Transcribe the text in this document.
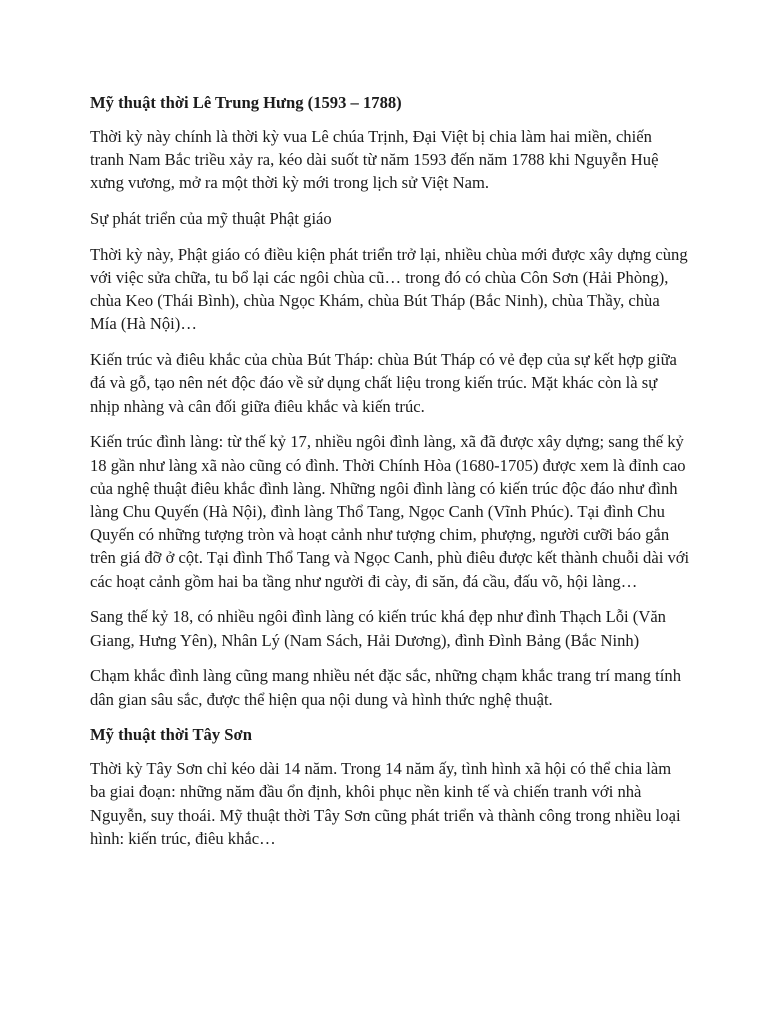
Mỹ thuật thời Lê Trung Hưng (1593 – 1788)

Thời kỳ này chính là thời kỳ vua Lê chúa Trịnh, Đại Việt bị chia làm hai miền, chiến tranh Nam Bắc triều xảy ra, kéo dài suốt từ năm 1593 đến năm 1788 khi Nguyễn Huệ xưng vương, mở ra một thời kỳ mới trong lịch sử Việt Nam.

Sự phát triển của mỹ thuật Phật giáo

Thời kỳ này, Phật giáo có điều kiện phát triển trở lại, nhiều chùa mới được xây dựng cùng với việc sửa chữa, tu bổ lại các ngôi chùa cũ… trong đó có chùa Côn Sơn (Hải Phòng), chùa Keo (Thái Bình), chùa Ngọc Khám, chùa Bút Tháp (Bắc Ninh), chùa Thầy, chùa Mía (Hà Nội)…

Kiến trúc và điêu khắc của chùa Bút Tháp: chùa Bút Tháp có vẻ đẹp của sự kết hợp giữa đá và gỗ, tạo nên nét độc đáo về sử dụng chất liệu trong kiến trúc. Mặt khác còn là sự nhịp nhàng và cân đối giữa điêu khắc và kiến trúc.

Kiến trúc đình làng: từ thế kỷ 17, nhiều ngôi đình làng, xã đã được xây dựng; sang thế kỷ 18 gần như làng xã nào cũng có đình. Thời Chính Hòa (1680-1705) được xem là đỉnh cao của nghệ thuật điêu khắc đình làng. Những ngôi đình làng có kiến trúc độc đáo như đình làng Chu Quyến (Hà Nội), đình làng Thổ Tang, Ngọc Canh (Vĩnh Phúc). Tại đình Chu Quyến có những tượng tròn và hoạt cảnh như tượng chim, phượng, người cưỡi báo gắn trên giá đỡ ở cột. Tại đình Thổ Tang và Ngọc Canh, phù điêu được kết thành chuỗi dài với các hoạt cảnh gồm hai ba tầng như người đi cày, đi săn, đá cầu, đấu võ, hội làng…

Sang thế kỷ 18, có nhiều ngôi đình làng có kiến trúc khá đẹp như đình Thạch Lỗi (Văn Giang, Hưng Yên), Nhân Lý (Nam Sách, Hải Dương), đình Đình Bảng (Bắc Ninh)

Chạm khắc đình làng cũng mang nhiều nét đặc sắc, những chạm khắc trang trí mang tính dân gian sâu sắc, được thể hiện qua nội dung và hình thức nghệ thuật.

Mỹ thuật thời Tây Sơn

Thời kỳ Tây Sơn chỉ kéo dài 14 năm. Trong 14 năm ấy, tình hình xã hội có thể chia làm ba giai đoạn: những năm đầu ổn định, khôi phục nền kinh tế và chiến tranh với nhà Nguyễn, suy thoái. Mỹ thuật thời Tây Sơn cũng phát triển và thành công trong nhiều loại hình: kiến trúc, điêu khắc…
